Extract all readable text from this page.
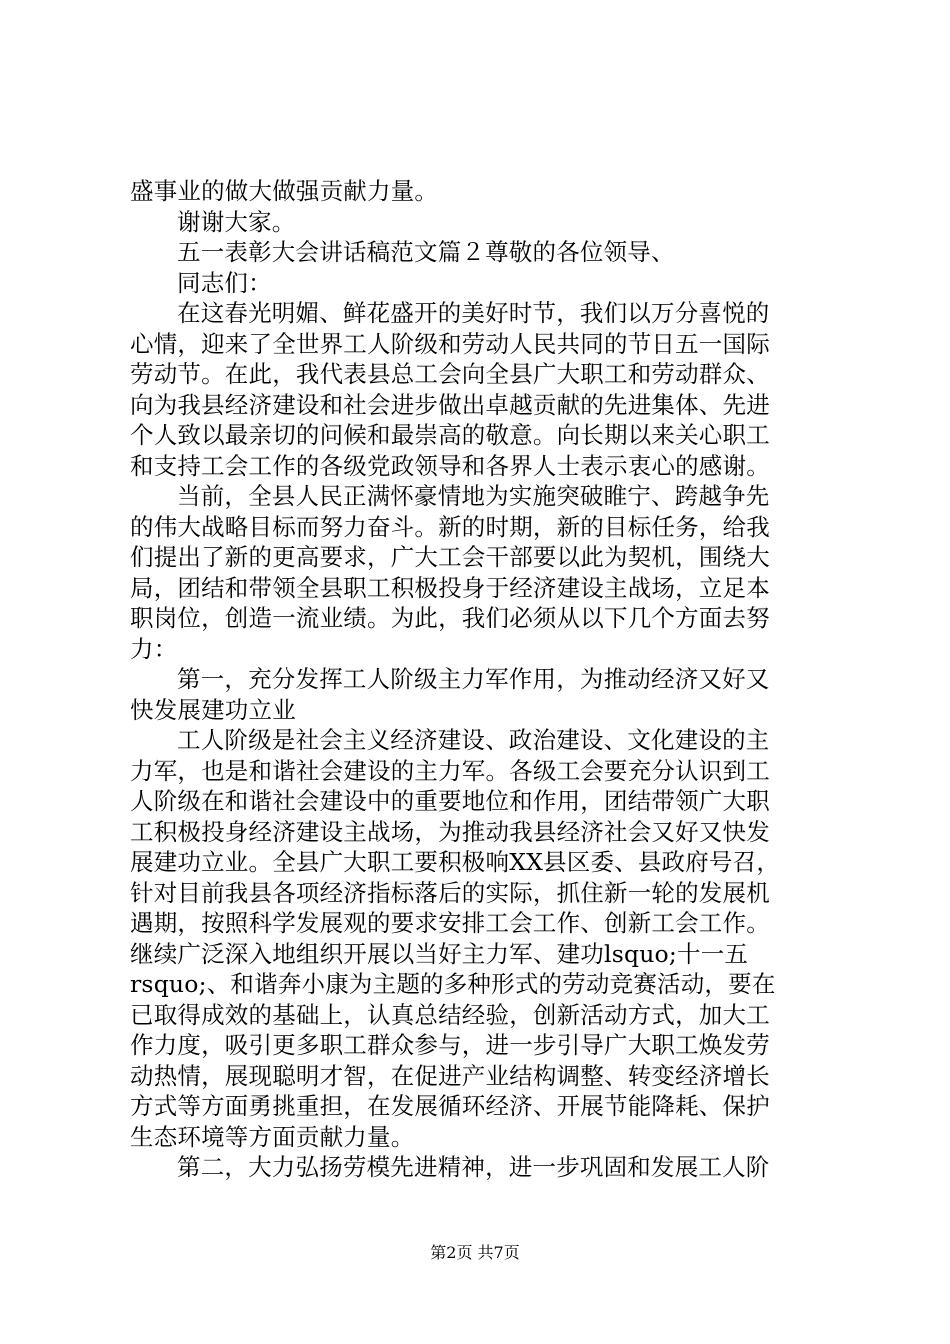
盛事业的做大做强贡献力量。
谢谢大家。
五一表彰大会讲话稿范文篇２尊敬的各位领导、
同志们：
在这春光明媚、鲜花盛开的美好时节，我们以万分喜悦的
心情，迎来了全世界工人阶级和劳动人民共同的节日五一国际
劳动节。在此，我代表县总工会向全县广大职工和劳动群众、
向为我县经济建设和社会进步做出卓越贡献的先进集体、先进
个人致以最亲切的问候和最崇高的敬意。向长期以来关心职工
和支持工会工作的各级党政领导和各界人士表示衷心的感谢。
当前，全县人民正满怀豪情地为实施突破睢宁、跨越争先
的伟大战略目标而努力奋斗。新的时期，新的目标任务，给我
们提出了新的更高要求，广大工会干部要以此为契机，围绕大
局，团结和带领全县职工积极投身于经济建设主战场，立足本
职岗位，创造一流业绩。为此，我们必须从以下几个方面去努
力：
第一，充分发挥工人阶级主力军作用，为推动经济又好又
快发展建功立业
工人阶级是社会主义经济建设、政治建设、文化建设的主
力军，也是和谐社会建设的主力军。各级工会要充分认识到工
人阶级在和谐社会建设中的重要地位和作用，团结带领广大职
工积极投身经济建设主战场，为推动我县经济社会又好又快发
展建功立业。全县广大职工要积极响XX县区委、县政府号召，
针对目前我县各项经济指标落后的实际，抓住新一轮的发展机
遇期，按照科学发展观的要求安排工会工作、创新工会工作。
继续广泛深入地组织开展以当好主力军、建功lsquo;十一五
rsquo;、和谐奔小康为主题的多种形式的劳动竞赛活动，要在
已取得成效的基础上，认真总结经验，创新活动方式，加大工
作力度，吸引更多职工群众参与，进一步引导广大职工焕发劳
动热情，展现聪明才智，在促进产业结构调整、转变经济增长
方式等方面勇挑重担，在发展循环经济、开展节能降耗、保护
生态环境等方面贡献力量。
第二，大力弘扬劳模先进精神，进一步巩固和发展工人阶
第2页 共7页
